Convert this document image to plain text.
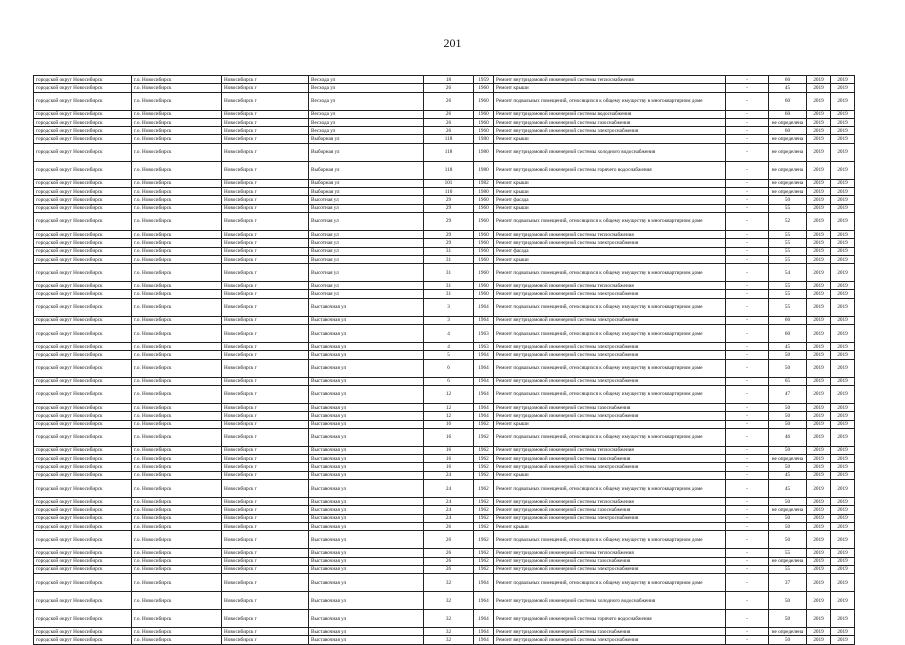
201
городской округ Новосибирск	г.о. Новосибирск	Новосибирск г	Весхода ул	18	1959	Ремонт внутридомовой инженерной системы теплоснабжения	-	60	2019	2019
городской округ Новосибирск	г.о. Новосибирск	Новосибирск г	Весхода ул	26	1960	Ремонт крыши	-	45	2019	2019
городской округ Новосибирск	г.о. Новосибирск	Новосибирск г	Весхода ул	26	1960	Ремонт подвальных помещений, относящихся к общему имуществу в многоквартирном доме	-	60	2019	2019
городской округ Новосибирск	г.о. Новосибирск	Новосибирск г	Весхода ул	26	1960	Ремонт внутридомовой инженерной системы водоснабжения	-	60	2019	2019
городской округ Новосибирск	г.о. Новосибирск	Новосибирск г	Весхода ул	26	1960	Ремонт внутридомовой инженерной системы газоснабжения	-	не определена	2019	2019
городской округ Новосибирск	г.о. Новосибирск	Новосибирск г	Весхода ул	26	1960	Ремонт внутридомовой инженерной системы электроснабжения	-	60	2019	2019
городской округ Новосибирск	г.о. Новосибирск	Новосибирск г	Выборная ул	118	1980	Ремонт крыши	-	не определена	2019	2019
городской округ Новосибирск	г.о. Новосибирск	Новосибирск г	Выборная ул	118	1980	Ремонт внутридомовой инженерной системы холодного водоснабжения	-	не определена	2019	2019
городской округ Новосибирск	г.о. Новосибирск	Новосибирск г	Выборная ул	118	1980	Ремонт внутридомовой инженерной системы горячего водоснабжения	-	не определена	2019	2019
городской округ Новосибирск	г.о. Новосибирск	Новосибирск г	Выборная ул	101	1982	Ремонт крыши	-	не определена	2019	2019
городской округ Новосибирск	г.о. Новосибирск	Новосибирск г	Выборная ул	110	1980	Ремонт крыши	-	не определена	2019	2019
городской округ Новосибирск	г.о. Новосибирск	Новосибирск г	Высотная ул	29	1960	Ремонт фасада	-	50	2019	2019
городской округ Новосибирск	г.о. Новосибирск	Новосибирск г	Высотная ул	29	1960	Ремонт крыши	-	55	2019	2019
городской округ Новосибирск	г.о. Новосибирск	Новосибирск г	Высотная ул	29	1960	Ремонт подвальных помещений, относящихся к общему имуществу в многоквартирном доме	-	52	2019	2019
городской округ Новосибирск	г.о. Новосибирск	Новосибирск г	Высотная ул	29	1960	Ремонт внутридомовой инженерной системы теплоснабжения	-	55	2019	2019
городской округ Новосибирск	г.о. Новосибирск	Новосибирск г	Высотная ул	29	1960	Ремонт внутридомовой инженерной системы электроснабжения	-	55	2019	2019
городской округ Новосибирск	г.о. Новосибирск	Новосибирск г	Высотная ул	31	1960	Ремонт фасада	-	55	2019	2019
городской округ Новосибирск	г.о. Новосибирск	Новосибирск г	Высотная ул	31	1960	Ремонт крыши	-	55	2019	2019
городской округ Новосибирск	г.о. Новосибирск	Новосибирск г	Высотная ул	31	1960	Ремонт подвальных помещений, относящихся к общему имуществу в многоквартирном доме	-	54	2019	2019
городской округ Новосибирск	г.о. Новосибирск	Новосибирск г	Высотная ул	31	1960	Ремонт внутридомовой инженерной системы теплоснабжения	-	55	2019	2019
городской округ Новосибирск	г.о. Новосибирск	Новосибирск г	Высотная ул	31	1960	Ремонт внутридомовой инженерной системы электроснабжения	-	55	2019	2019
городской округ Новосибирск	г.о. Новосибирск	Новосибирск г	Выставочная ул	3	1964	Ремонт подвальных помещений, относящихся к общему имуществу в многоквартирном доме	-	55	2019	2019
городской округ Новосибирск	г.о. Новосибирск	Новосибирск г	Выставочная ул	3	1964	Ремонт внутридомовой инженерной системы электроснабжения	-	60	2019	2019
городской округ Новосибирск	г.о. Новосибирск	Новосибирск г	Выставочная ул	4	1963	Ремонт подвальных помещений, относящихся к общему имуществу в многоквартирном доме	-	60	2019	2019
городской округ Новосибирск	г.о. Новосибирск	Новосибирск г	Выставочная ул	4	1963	Ремонт внутридомовой инженерной системы электроснабжения	-	45	2019	2019
городской округ Новосибирск	г.о. Новосибирск	Новосибирск г	Выставочная ул	5	1964	Ремонт внутридомовой инженерной системы электроснабжения	-	50	2019	2019
городской округ Новосибирск	г.о. Новосибирск	Новосибирск г	Выставочная ул	6	1964	Ремонт подвальных помещений, относящихся к общему имуществу в многоквартирном доме	-	50	2019	2019
городской округ Новосибирск	г.о. Новосибирск	Новосибирск г	Выставочная ул	6	1964	Ремонт внутридомовой инженерной системы электроснабжения	-	65	2019	2019
городской округ Новосибирск	г.о. Новосибирск	Новосибирск г	Выставочная ул	12	1964	Ремонт подвальных помещений, относящихся к общему имуществу в многоквартирном доме	-	47	2019	2019
городской округ Новосибирск	г.о. Новосибирск	Новосибирск г	Выставочная ул	12	1964	Ремонт внутридомовой инженерной системы газоснабжения	-	50	2019	2019
городской округ Новосибирск	г.о. Новосибирск	Новосибирск г	Выставочная ул	12	1964	Ремонт внутридомовой инженерной системы электроснабжения	-	50	2019	2019
городской округ Новосибирск	г.о. Новосибирск	Новосибирск г	Выставочная ул	16	1962	Ремонт крыши	-	50	2019	2019
городской округ Новосибирск	г.о. Новосибирск	Новосибирск г	Выставочная ул	16	1962	Ремонт подвальных помещений, относящихся к общему имуществу в многоквартирном доме	-	46	2019	2019
городской округ Новосибирск	г.о. Новосибирск	Новосибирск г	Выставочная ул	16	1962	Ремонт внутридомовой инженерной системы теплоснабжения	-	50	2019	2019
городской округ Новосибирск	г.о. Новосибирск	Новосибирск г	Выставочная ул	16	1962	Ремонт внутридомовой инженерной системы газоснабжения	-	не определена	2019	2019
городской округ Новосибирск	г.о. Новосибирск	Новосибирск г	Выставочная ул	16	1962	Ремонт внутридомовой инженерной системы электроснабжения	-	50	2019	2019
городской округ Новосибирск	г.о. Новосибирск	Новосибирск г	Выставочная ул	24	1962	Ремонт крыши	-	45	2019	2019
городской округ Новосибирск	г.о. Новосибирск	Новосибирск г	Выставочная ул	24	1962	Ремонт подвальных помещений, относящихся к общему имуществу в многоквартирном доме	-	45	2019	2019
городской округ Новосибирск	г.о. Новосибирск	Новосибирск г	Выставочная ул	24	1962	Ремонт внутридомовой инженерной системы теплоснабжения	-	50	2019	2019
городской округ Новосибирск	г.о. Новосибирск	Новосибирск г	Выставочная ул	24	1962	Ремонт внутридомовой инженерной системы газоснабжения	-	не определена	2019	2019
городской округ Новосибирск	г.о. Новосибирск	Новосибирск г	Выставочная ул	24	1962	Ремонт внутридомовой инженерной системы электроснабжения	-	50	2019	2019
городской округ Новосибирск	г.о. Новосибирск	Новосибирск г	Выставочная ул	26	1962	Ремонт крыши	-	50	2019	2019
городской округ Новосибирск	г.о. Новосибирск	Новосибирск г	Выставочная ул	26	1962	Ремонт подвальных помещений, относящихся к общему имуществу в многоквартирном доме	-	50	2019	2019
городской округ Новосибирск	г.о. Новосибирск	Новосибирск г	Выставочная ул	26	1962	Ремонт внутридомовой инженерной системы теплоснабжения	-	55	2019	2019
городской округ Новосибирск	г.о. Новосибирск	Новосибирск г	Выставочная ул	26	1962	Ремонт внутридомовой инженерной системы газоснабжения	-	не определена	2019	2019
городской округ Новосибирск	г.о. Новосибирск	Новосибирск г	Выставочная ул	26	1962	Ремонт внутридомовой инженерной системы электроснабжения	-	55	2019	2019
городской округ Новосибирск	г.о. Новосибирск	Новосибирск г	Выставочная ул	32	1964	Ремонт подвальных помещений, относящихся к общему имуществу в многоквартирном доме	-	37	2019	2019
городской округ Новосибирск	г.о. Новосибирск	Новосибирск г	Выставочная ул	32	1964	Ремонт внутридомовой инженерной системы холодного водоснабжения	-	50	2019	2019
городской округ Новосибирск	г.о. Новосибирск	Новосибирск г	Выставочная ул	32	1964	Ремонт внутридомовой инженерной системы горячего водоснабжения	-	50	2019	2019
городской округ Новосибирск	г.о. Новосибирск	Новосибирск г	Выставочная ул	32	1964	Ремонт внутридомовой инженерной системы газоснабжения	-	не определена	2019	2019
городской округ Новосибирск	г.о. Новосибирск	Новосибирск г	Выставочная ул	32	1964	Ремонт внутридомовой инженерной системы электроснабжения	-	50	2019	2019
